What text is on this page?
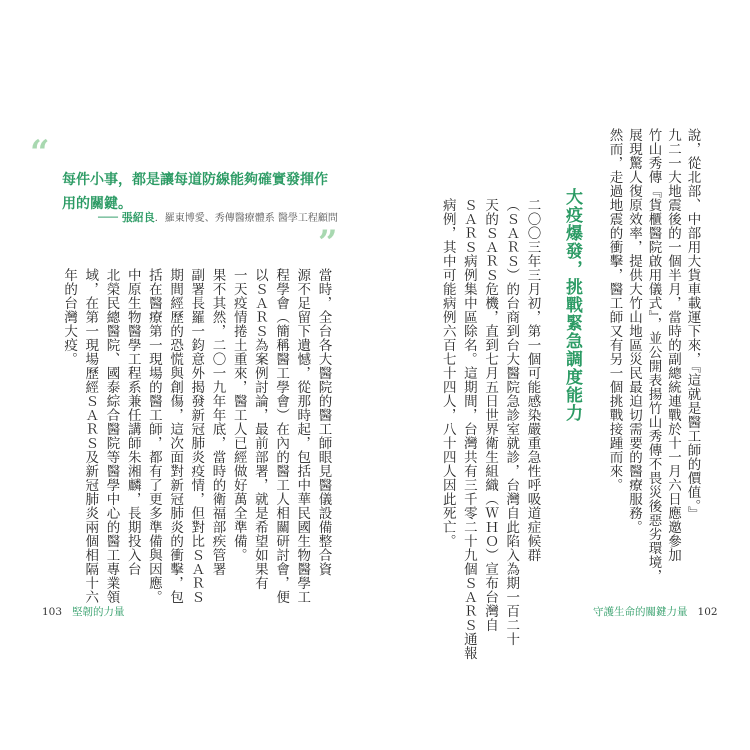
“
每件小事，都是讓每道防線能夠確實發揮作用的關鍵。
─── 張紹良．羅東博愛、秀傳醫療體系 醫學工程顧問
”
當時，全台各大醫院的醫工師眼見醫儀設備整合資
源不足留下遺憾，從那時起，包括中華民國生物醫學工
程學會（簡稱醫工學會）在內的醫工人相關研討會，便
以ＳＡＲＳ為案例討論，最前部署，就是希望如果有
一天疫情捲土重來，醫工人已經做好萬全準備。
果不其然，二〇一九年年底，當時的衛福部疾管署
副署長羅一鈞意外揭發新冠肺炎疫情，但對比ＳＡＲＳ
期間經歷的恐慌與創傷，這次面對新冠肺炎的衝擊，包
括在醫療第一現場的醫工師，都有了更多準備與因應。
中原生物醫學工程系兼任講師朱湘麟，長期投入台
北榮民總醫院、國泰綜合醫院等醫學中心的醫工專業領
域，在第一現場歷經ＳＡＲＳ及新冠肺炎兩個相隔十六
年的台灣大疫。
103 堅韌的力量
說，從北部、中部用大貨車載運下來，『這就是醫工師的價值。』
九二一大地震後的一個半月，當時的副總統連戰於十一月六日應邀參加
竹山秀傳『貨櫃醫院啟用儀式』，並公開表揚竹山秀傳不畏災後惡劣環境，
展現驚人復原效率，提供大竹山地區災民最迫切需要的醫療服務。
然而，走過地震的衝擊，醫工師又有另一個挑戰接踵而來。
大疫爆發，挑戰緊急調度能力
二〇〇三年三月初，第一個可能感染嚴重急性呼吸道症候群
（ＳＡＲＳ）的台商到台大醫院急診室就診，台灣自此陷入為期一百二十
天的ＳＡＲＳ危機，直到七月五日世界衛生組織（ＷＨＯ）宣布台灣自
ＳＡＲＳ病例集中區除名。這期間，台灣共有三千零二十九個ＳＡＲＳ通報
病例，其中可能病例六百七十四人，八十四人因此死亡。
守護生命的關鍵力量 102
